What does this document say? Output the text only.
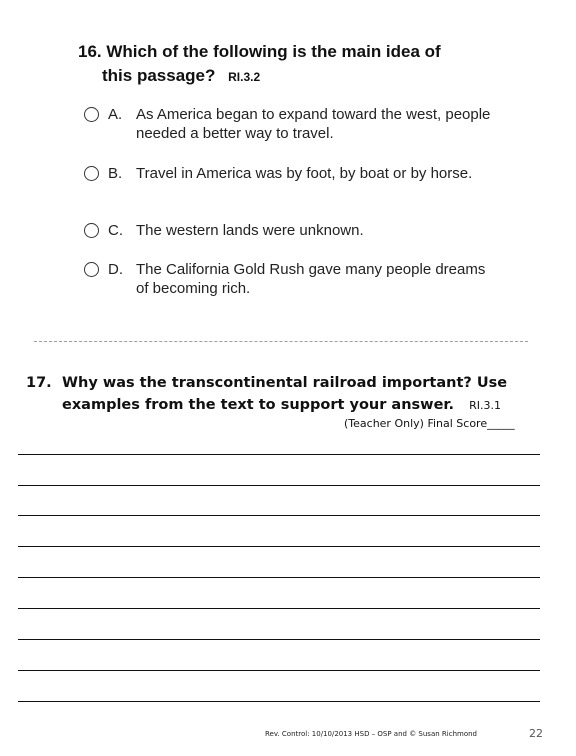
16. Which of the following is the main idea of
this passage? RI.3.2
A. As America began to expand toward the west, people needed a better way to travel.
B. Travel in America was by foot, by boat or by horse.
C. The western lands were unknown.
D. The California Gold Rush gave many people dreams of becoming rich.
17. Why was the transcontinental railroad important? Use
examples from the text to support your answer. RI.3.1
(Teacher Only) Final Score_____
Rev. Control: 10/10/2013 HSD – OSP and © Susan Richmond	22
